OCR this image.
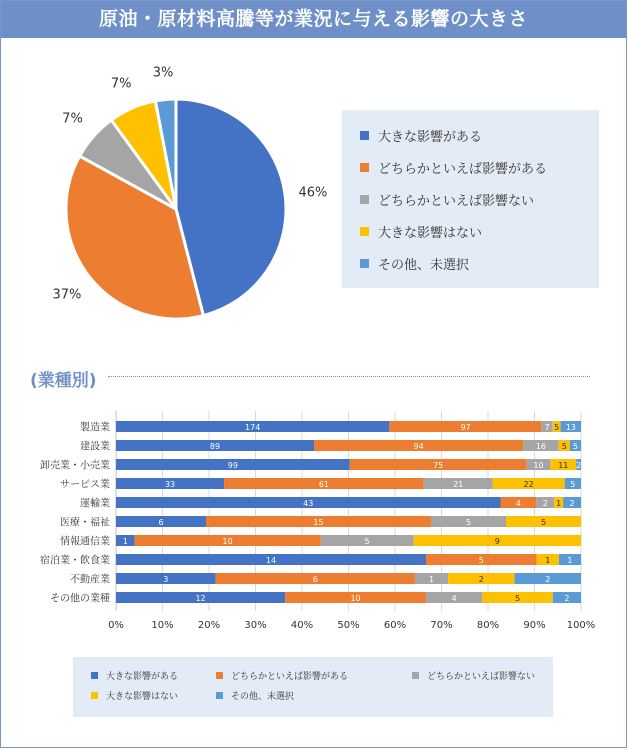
原油・原材料高騰等が業況に与える影響の大きさ
46%
37%
7%
7%
3%
大きな影響がある
どちらかといえば影響がある
どちらかといえば影響ない
大きな影響はない
その他、未選択
(業種別)
0%	10% 20% 30% 40% 50% 60% 70% 80% 90% 100%
製造業	174	97	7 5 13
建設業	89	94	16 5 5
卸売業・小売業	99	75	10 11 2
サービス業	33	61	21	22	5
運輸業	43	4	2 1 2
医療・福祉	6	15	5	5
情報通信業 1	10	5	9
宿泊業・飲食業	14	5	1 1
不動産業	3	6	1	2	2
その他の業種	12	10	4	5	2
大きな影響がある	どちらかといえば影響がある	どちらかといえば影響ない
大きな影響はない	その他、未選択
